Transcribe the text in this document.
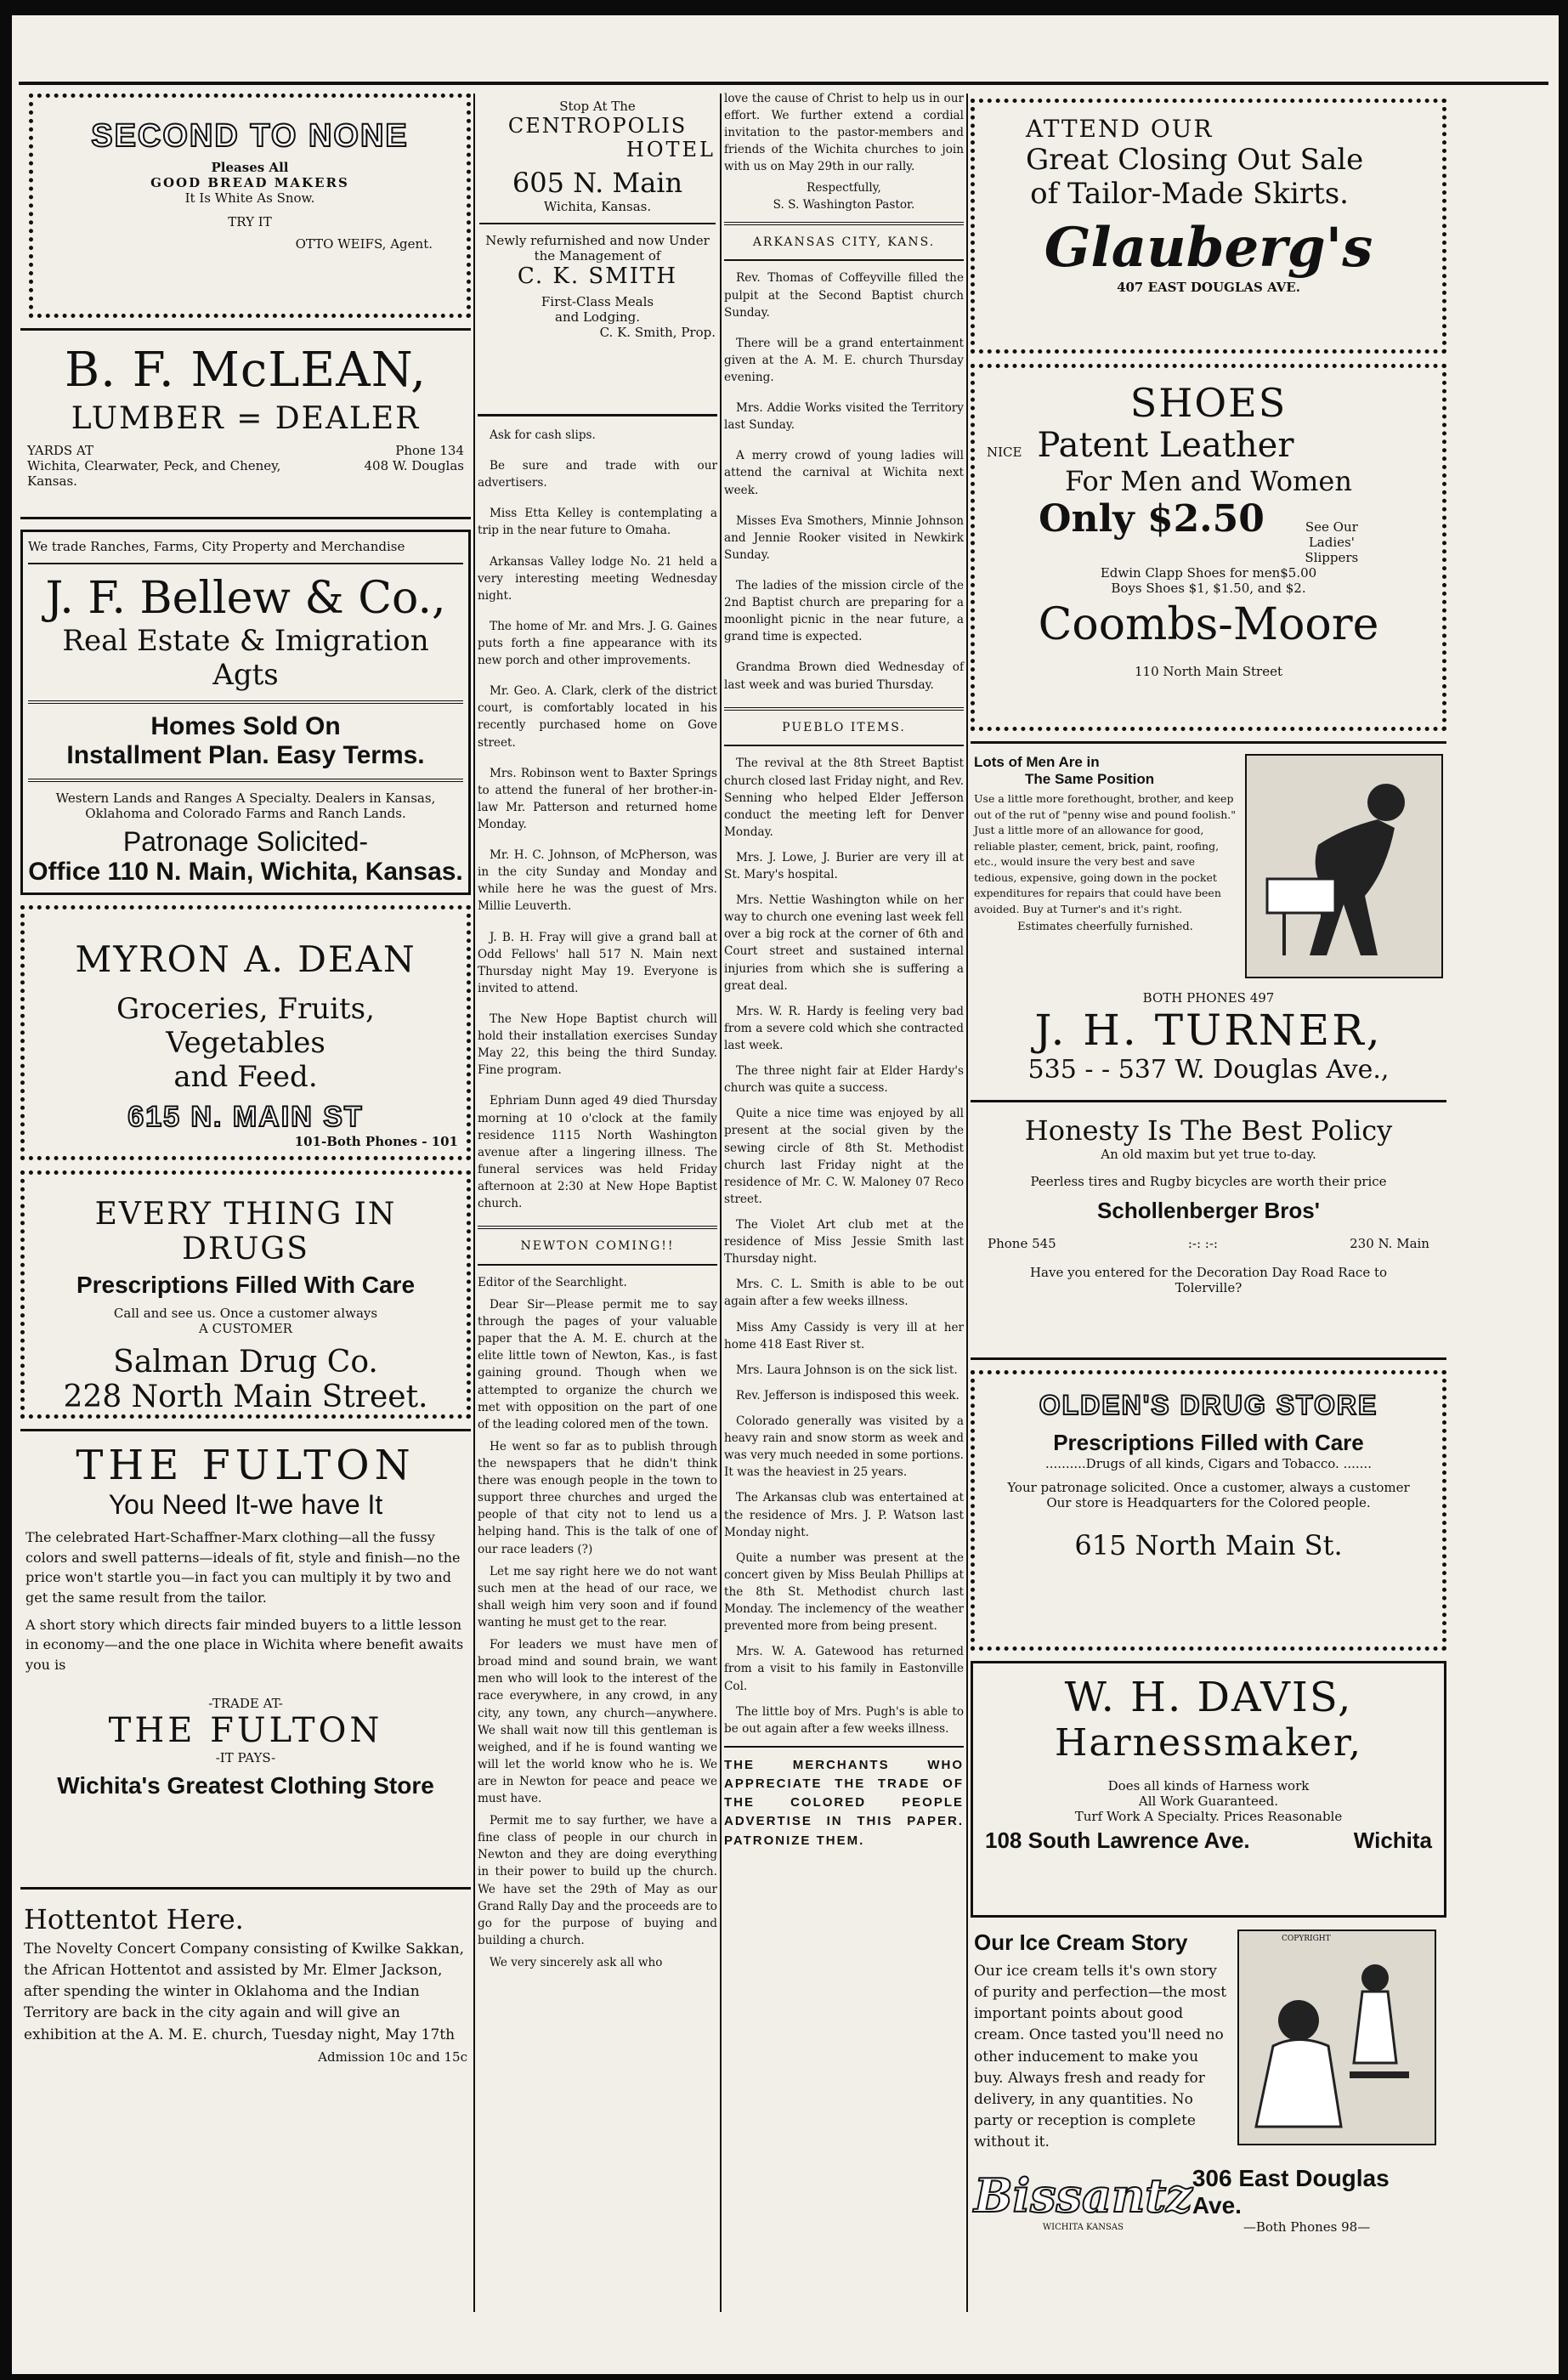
SECOND TO NONE
Pleases All
GOOD BREAD MAKERS
It Is White As Snow.
TRY IT
OTTO WEIFS, Agent.
B. F. McLEAN,
LUMBER = DEALER
YARDS AT	Phone 134
Wichita, Clearwater, Peck, and Cheney, Kansas.
408 W. Douglas
We trade Ranches, Farms, City Property and Merchandise
J. F. Bellew & Co.,
Real Estate & Imigration Agts
Homes Sold On
Installment Plan. Easy Terms.
Western Lands and Ranges A Specialty. Dealers in Kansas, Oklahoma and Colorado Farms and Ranch Lands.
Patronage Solicited-
Office 110 N. Main, Wichita, Kansas.
MYRON A. DEAN
Groceries, Fruits, Vegetables
and Feed.
615 N. MAIN ST
101-Both Phones - 101
EVERY THING IN DRUGS
Prescriptions Filled With Care
Call and see us. Once a customer always
A CUSTOMER
Salman Drug Co.
228 North Main Street.
THE FULTON
You Need It-we have It

The celebrated Hart-Schaffner-Marx clothing—all the fussy colors and swell patterns—ideals of fit, style and finish—no the price won't startle you—in fact you can multiply it by two and get the same result from the tailor.

A short story which directs fair minded buyers to a little lesson in economy—and the one place in Wichita where benefit awaits you is

-TRADE AT-
THE FULTON
-IT PAYS-
Wichita's Greatest Clothing Store
Hottentot Here.

The Novelty Concert Company consisting of Kwilke Sakkan, the African Hottentot and assisted by Mr. Elmer Jackson, after spending the winter in Oklahoma and the Indian Territory are back in the city again and will give an exhibition at the A. M. E. church, Tuesday night, May 17th

Admission 10c and 15c
Stop At The
CENTROPOLIS
HOTEL
605 N. Main
Wichita, Kansas.
Newly refurnished and now Under the Management of
C. K. SMITH
First-Class Meals
and Lodging.
C. K. Smith, Prop.

Ask for cash slips.

Be sure and trade with our advertisers.

Miss Etta Kelley is contemplating a trip in the near future to Omaha.

Arkansas Valley lodge No. 21 held a very interesting meeting Wednesday night.

The home of Mr. and Mrs. J. G. Gaines puts forth a fine appearance with its new porch and other improvements.

Mr. Geo. A. Clark, clerk of the district court, is comfortably located in his recently purchased home on Gove street.

Mrs. Robinson went to Baxter Springs to attend the funeral of her brother-in-law Mr. Patterson and returned home Monday.

Mr. H. C. Johnson, of McPherson, was in the city Sunday and Monday and while here he was the guest of Mrs. Millie Leuverth.

J. B. H. Fray will give a grand ball at Odd Fellows' hall 517 N. Main next Thursday night May 19. Everyone is invited to attend.

The New Hope Baptist church will hold their installation exercises Sunday May 22, this being the third Sunday. Fine program.

Ephriam Dunn aged 49 died Thursday morning at 10 o'clock at the family residence 1115 North Washington avenue after a lingering illness. The funeral services was held Friday afternoon at 2:30 at New Hope Baptist church.

NEWTON COMING!!

Editor of the Searchlight.

Dear Sir—Please permit me to say through the pages of your valuable paper that the A. M. E. church at the elite little town of Newton, Kas., is fast gaining ground. Though when we attempted to organize the church we met with opposition on the part of one of the leading colored men of the town.

He went so far as to publish through the newspapers that he didn't think there was enough people in the town to support three churches and urged the people of that city not to lend us a helping hand. This is the talk of one of our race leaders (?)

Let me say right here we do not want such men at the head of our race, we shall weigh him very soon and if found wanting he must get to the rear.

For leaders we must have men of broad mind and sound brain, we want men who will look to the interest of the race everywhere, in any crowd, in any city, any town, any church—anywhere. We shall wait now till this gentleman is weighed, and if he is found wanting we will let the world know who he is. We are in Newton for peace and peace we must have.

Permit me to say further, we have a fine class of people in our church in Newton and they are doing everything in their power to build up the church. We have set the 29th of May as our Grand Rally Day and the proceeds are to go for the purpose of buying and building a church.

We very sincerely ask all who

love the cause of Christ to help us in our effort. We further extend a cordial invitation to the pastor-members and friends of the Wichita churches to join with us on May 29th in our rally.

Respectfully,

S. S. Washington Pastor.

ARKANSAS CITY, KANS.

Rev. Thomas of Coffeyville filled the pulpit at the Second Baptist church Sunday.

There will be a grand entertainment given at the A. M. E. church Thursday evening.

Mrs. Addie Works visited the Territory last Sunday.

A merry crowd of young ladies will attend the carnival at Wichita next week.

Misses Eva Smothers, Minnie Johnson and Jennie Rooker visited in Newkirk Sunday.

The ladies of the mission circle of the 2nd Baptist church are preparing for a moonlight picnic in the near future, a grand time is expected.

Grandma Brown died Wednesday of last week and was buried Thursday.

PUEBLO ITEMS.

The revival at the 8th Street Baptist church closed last Friday night, and Rev. Senning who helped Elder Jefferson conduct the meeting left for Denver Monday.

Mrs. J. Lowe, J. Burier are very ill at St. Mary's hospital.

Mrs. Nettie Washington while on her way to church one evening last week fell over a big rock at the corner of 6th and Court street and sustained internal injuries from which she is suffering a great deal.

Mrs. W. R. Hardy is feeling very bad from a severe cold which she contracted last week.

The three night fair at Elder Hardy's church was quite a success.

Quite a nice time was enjoyed by all present at the social given by the sewing circle of 8th St. Methodist church last Friday night at the residence of Mr. C. W. Maloney 07 Reco street.

The Violet Art club met at the residence of Miss Jessie Smith last Thursday night.

Mrs. C. L. Smith is able to be out again after a few weeks illness.

Miss Amy Cassidy is very ill at her home 418 East River st.

Mrs. Laura Johnson is on the sick list.

Rev. Jefferson is indisposed this week.

Colorado generally was visited by a heavy rain and snow storm as week and was very much needed in some portions. It was the heaviest in 25 years.

The Arkansas club was entertained at the residence of Mrs. J. P. Watson last Monday night.

Quite a number was present at the concert given by Miss Beulah Phillips at the 8th St. Methodist church last Monday. The inclemency of the weather prevented more from being present.

Mrs. W. A. Gatewood has returned from a visit to his family in Eastonville Col.

The little boy of Mrs. Pugh's is able to be out again after a few weeks illness.

THE MERCHANTS WHO APPRECIATE THE TRADE OF THE COLORED PEOPLE ADVERTISE IN THIS PAPER. PATRONIZE THEM.

ATTEND OUR
Great Closing Out Sale
of Tailor-Made Skirts.
Glauberg's
407 EAST DOUGLAS AVE.
SHOES
NICE Patent Leather
For Men and Women
Only $2.50	See Our Ladies' Slippers
Edwin Clapp Shoes for men$5.00
Boys Shoes $1, $1.50, and $2.
Coombs-Moore
110 North Main Street
Lots of Men Are in
The Same Position

Use a little more forethought, brother, and keep out of the rut of "penny wise and pound foolish." Just a little more of an allowance for good, reliable plaster, cement, brick, paint, roofing, etc., would insure the very best and save tedious, expensive, going down in the pocket expenditures for repairs that could have been avoided. Buy at Turner's and it's right.

Estimates cheerfully furnished.
BOTH PHONES 497
J. H. TURNER,
535 - - 537 W. Douglas Ave.,
Honesty Is The Best Policy
An old maxim but yet true to-day.
Peerless tires and Rugby bicycles are worth their price
Schollenberger Bros'
Phone 545	:-: :-:	230 N. Main

Have you entered for the Decoration Day Road Race to Tolerville?

OLDEN'S DRUG STORE
Prescriptions Filled with Care
..........Drugs of all kinds, Cigars and Tobacco. .......
Your patronage solicited. Once a customer, always a customer
Our store is Headquarters for the Colored people.
615 North Main St.
W. H. DAVIS,
Harnessmaker,
Does all kinds of Harness work
All Work Guaranteed.
Turf Work A Specialty. Prices Reasonable
108 South Lawrence Ave.	Wichita
Our Ice Cream Story

Our ice cream tells it's own story of purity and perfection—the most important points about good cream. Once tasted you'll need no other inducement to make you buy. Always fresh and ready for delivery, in any quantities. No party or reception is complete without it.

COPYRIGHT
Bissantz
WICHITA KANSAS
306 East Douglas Ave.
—Both Phones 98—
